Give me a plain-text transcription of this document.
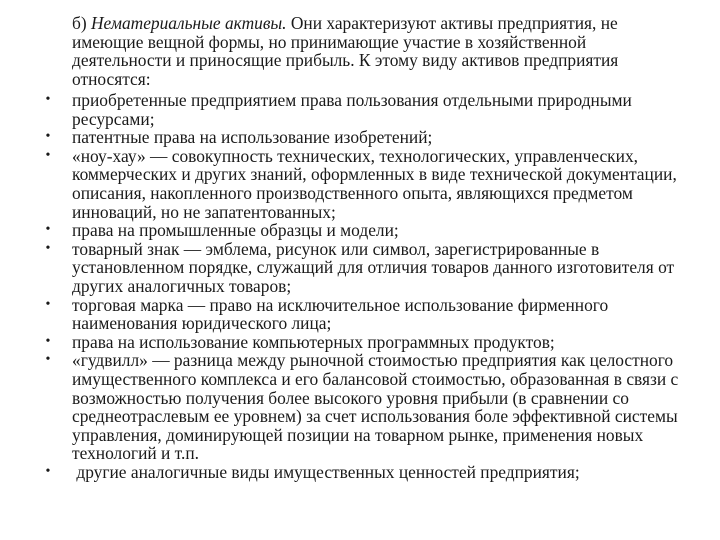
б) Нематериальные активы. Они характеризуют активы предприятия, не имеющие вещной формы, но принимающие участие в хозяйственной деятельности и приносящие прибыль. К этому виду активов предприятия относятся:

• приобретенные предприятием права пользования отдельными природными ресурсами;
• патентные права на использование изобретений;
• «ноу-хау» — совокупность технических, технологических, управленческих, коммерческих и других знаний, оформленных в виде технической документации, описания, накопленного производственного опыта, являющихся предметом инноваций, но не запатентованных;
• права на промышленные образцы и модели;
• товарный знак — эмблема, рисунок или символ, зарегистрированные в установленном порядке, служащий для отличия товаров данного изготовителя от других аналогичных товаров;
• торговая марка — право на исключительное использование фирменного наименования юридического лица;
• права на использование компьютерных программных продуктов;
• «гудвилл» — разница между рыночной стоимостью предприятия как целостного имущественного комплекса и его балансовой стоимостью, образованная в связи с возможностью получения более высокого уровня прибыли (в сравнении со среднеотраслевым ее уровнем) за счет использования боле эффективной системы управления, доминирующей позиции на товарном рынке, применения новых технологий и т.п.
• другие аналогичные виды имущественных ценностей предприятия;
